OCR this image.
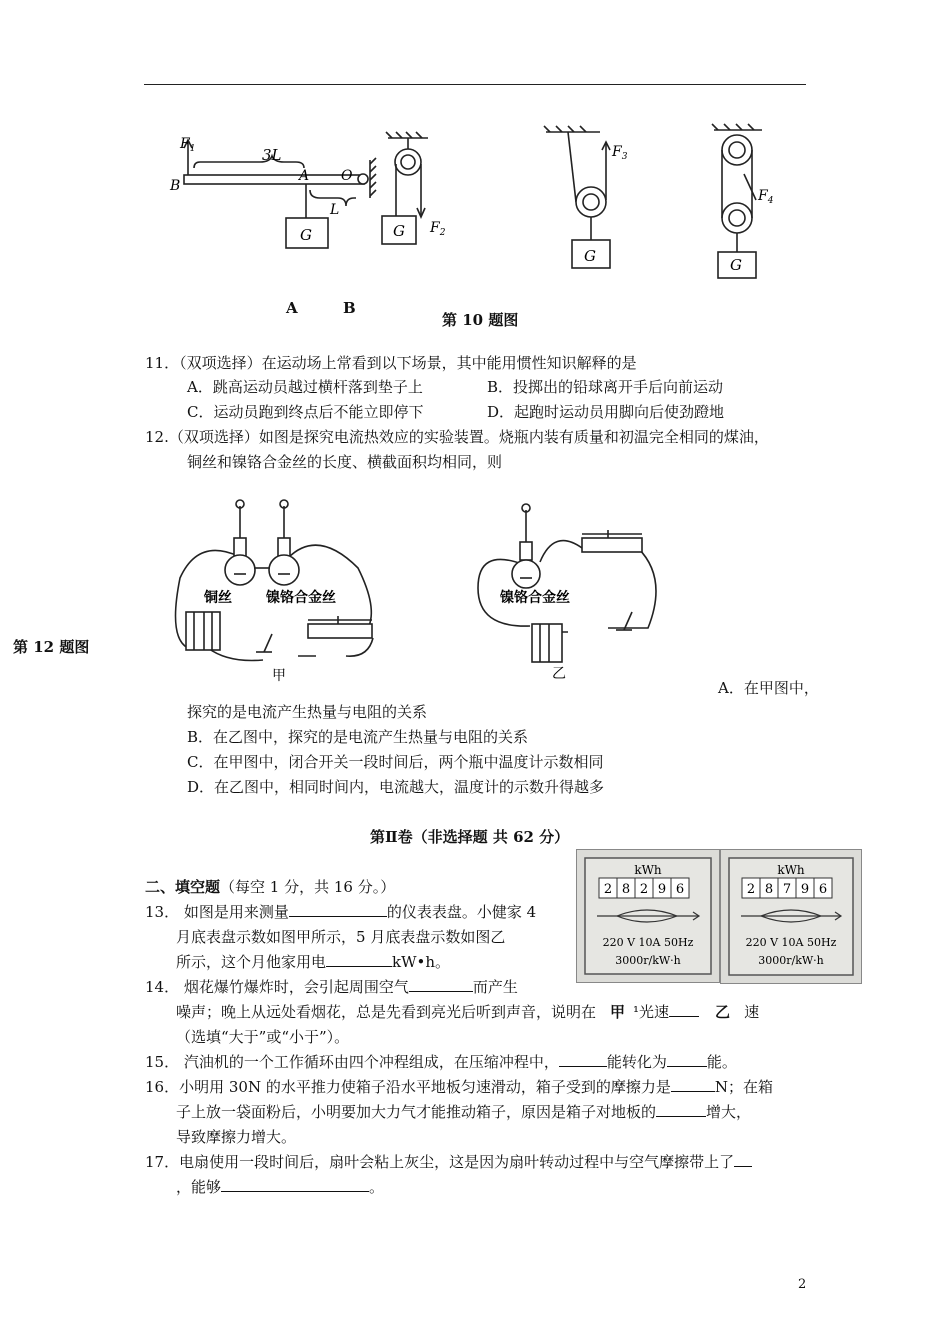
$F_1$	3L
B
A O
L
G	G $F_2$
$F_3$
G
$F_4$
G
A	B
第 10 题图
11．（双项选择）在运动场上常看到以下场景，其中能用惯性知识解释的是
A．跳高运动员越过横杆落到垫子上	B．投掷出的铅球离开手后向前运动
C．运动员跑到终点后不能立即停下	D．起跑时运动员用脚向后使劲蹬地
12.（双项选择）如图是探究电流热效应的实验装置。烧瓶内装有质量和初温完全相同的煤油，
铜丝和镍铬合金丝的长度、横截面积均相同，则
铜丝 镍铬合金丝
甲
镍铬合金丝
乙
第 12 题图
A．在甲图中，
探究的是电流产生热量与电阻的关系
B．在乙图中，探究的是电流产生热量与电阻的关系
C．在甲图中，闭合开关一段时间后，两个瓶中温度计示数相同
D．在乙图中，相同时间内，电流越大，温度计的示数升得越多
第Ⅱ卷（非选择题 共 62 分）
二、填空题（每空 1 分，共 16 分。）
kWh
2 8 2 9 6
220 V 10A 50Hz
3000r/kW·h
kWh
2 8 7 9 6
220 V 10A 50Hz
3000r/kW·h
13． 如图是用来测量	的仪表表盘。小健家 4
月底表盘示数如图甲所示，5 月底表盘示数如图乙
所示，这个月他家用电	kW•h。
14． 烟花爆竹爆炸时，会引起周围空气	而产生
噪声；晚上从远处看烟花，总是先看到亮光后听到声音，说明在 甲 ¹光速	乙 速
（选填“大于”或“小于”）。
15． 汽油机的一个工作循环由四个冲程组成，在压缩冲程中，	能转化为	能。
16．小明用 30N 的水平推力使箱子沿水平地板匀速滑动，箱子受到的摩擦力是	N；在箱
子上放一袋面粉后，小明要加大力气才能推动箱子，原因是箱子对地板的	增大，
导致摩擦力增大。
17．电扇使用一段时间后，扇叶会粘上灰尘，这是因为扇叶转动过程中与空气摩擦带上了
，能够	。
2
